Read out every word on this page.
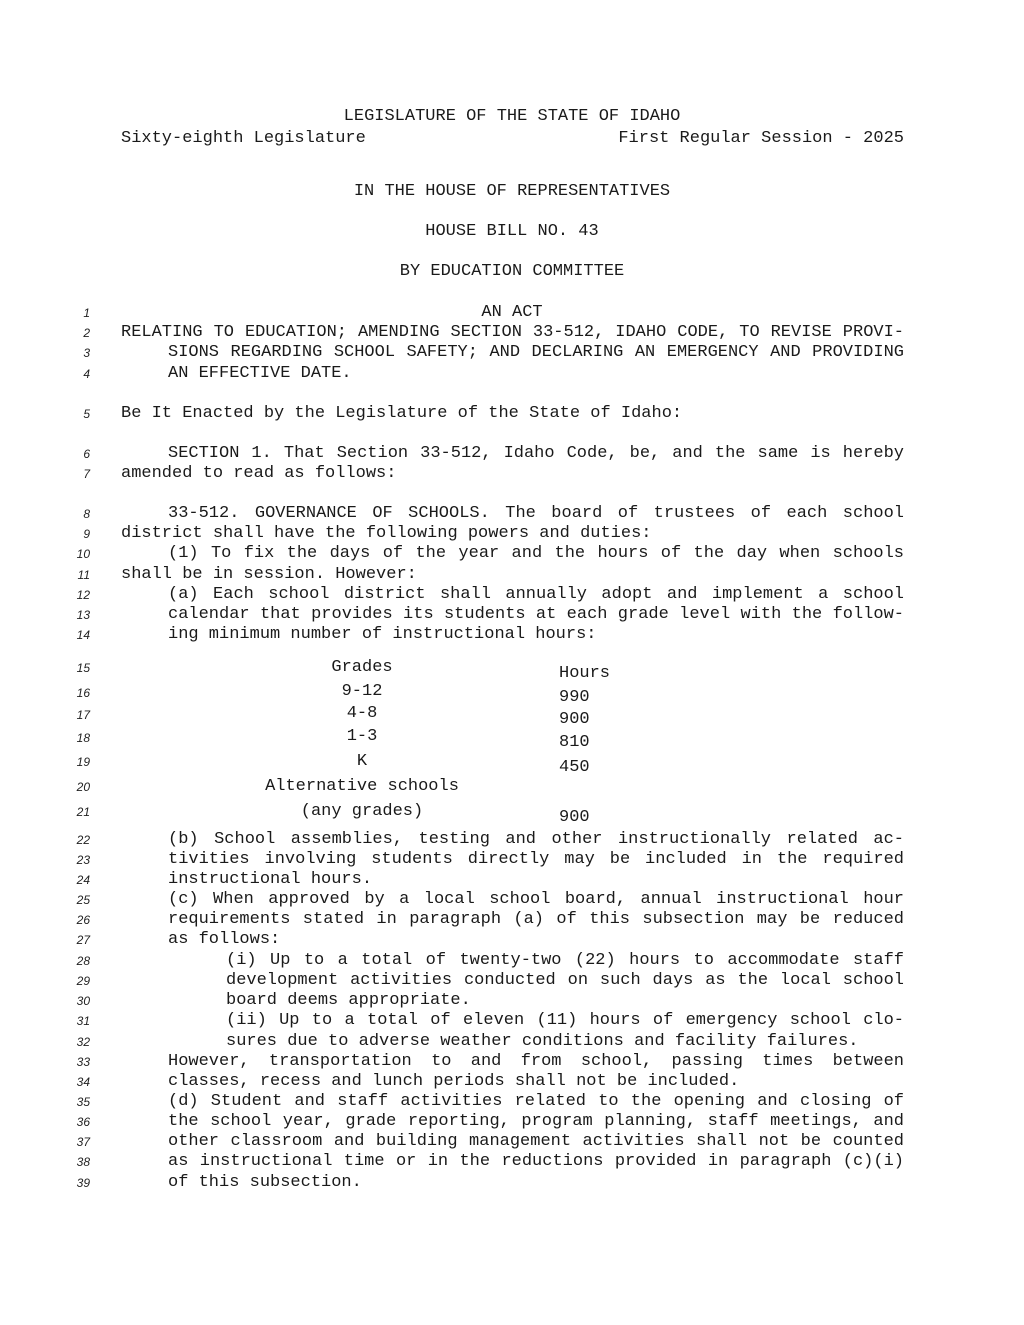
LEGISLATURE OF THE STATE OF IDAHO
Sixty-eighth Legislature	First Regular Session - 2025
IN THE HOUSE OF REPRESENTATIVES
HOUSE BILL NO. 43
BY EDUCATION COMMITTEE
1
2
3
4
5
6
7
8
9
10
11
12
13
14
15
16
17
18
19
20
21
22
23
24
25
26
27
28
29
30
31
32
33
34
35
36
37
38
39
AN ACT
RELATING TO EDUCATION; AMENDING SECTION 33-512, IDAHO CODE, TO REVISE PROVI-
SIONS REGARDING SCHOOL SAFETY; AND DECLARING AN EMERGENCY AND PROVIDING
AN EFFECTIVE DATE.
Be It Enacted by the Legislature of the State of Idaho:
SECTION 1. That Section 33-512, Idaho Code, be, and the same is hereby
amended to read as follows:
33-512. GOVERNANCE OF SCHOOLS. The board of trustees of each school
district shall have the following powers and duties:
(1) To fix the days of the year and the hours of the day when schools
shall be in session. However:
(a) Each school district shall annually adopt and implement a school
calendar that provides its students at each grade level with the follow-
ing minimum number of instructional hours:
Grades	Hours
9-12	990
4-8	900
1-3	810
K	450
Alternative schools
(any grades)	900
(b) School assemblies, testing and other instructionally related ac-
tivities involving students directly may be included in the required
instructional hours.
(c) When approved by a local school board, annual instructional hour
requirements stated in paragraph (a) of this subsection may be reduced
as follows:
(i) Up to a total of twenty-two (22) hours to accommodate staff
development activities conducted on such days as the local school
board deems appropriate.
(ii) Up to a total of eleven (11) hours of emergency school clo-
sures due to adverse weather conditions and facility failures.
However, transportation to and from school, passing times between
classes, recess and lunch periods shall not be included.
(d) Student and staff activities related to the opening and closing of
the school year, grade reporting, program planning, staff meetings, and
other classroom and building management activities shall not be counted
as instructional time or in the reductions provided in paragraph (c)(i)
of this subsection.
